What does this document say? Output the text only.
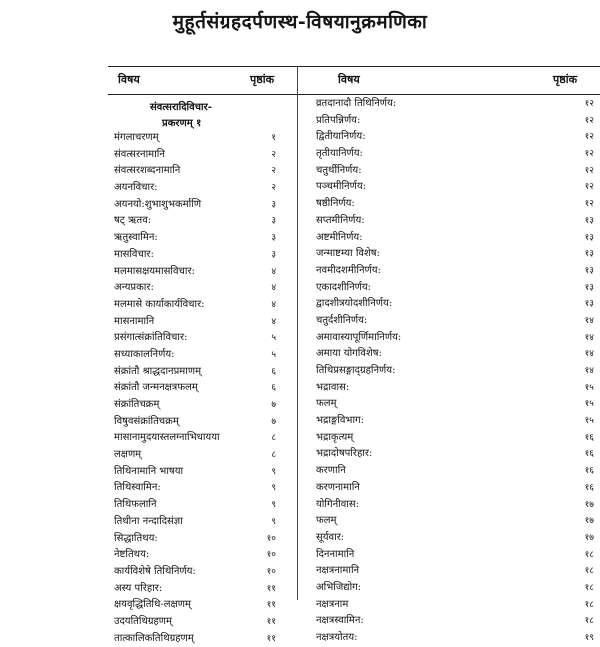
मुहूर्तसंग्रहदर्पणस्थ-विषयानुक्रमणिका
विषय	पृष्ठांक	विषय	पृष्ठांक
संवत्सरादिविचार-
प्रकरणम् १
मंगलाचरणम्	१
संवत्सरनामानि	२
संवत्सरशब्दनामानि	२
अयनविचार:	२
अयनयो:शुभाशुभकर्माणि	३
षट् ऋतव:	३
ऋतुस्वामिन:	३
मासविचार:	३
मलमासक्षयमासविचार:	४
अन्यप्रकार:	४
मलमासे कार्याकार्यविचार:	४
मासनामानि	४
प्रसंगात्संक्रांतिविचार:	५
सध्याकालनिर्णय:	५
संक्रांतौ श्राद्धदानप्रमाणम्	६
संक्रांतौ जन्मनक्षत्रफलम्	६
संक्रांतिचक्रम्	७
विषुवसंक्रांतिचक्रम्	७
मासानामुदयास्तलग्नाभिधायया	८
लक्षणम्	८
तिथिनामानि भाषया	९
तिथिस्वामिन:	९
तिथिफलानि	९
तिथीना नन्दादिसंज्ञा	९
सिद्धातिथय:	१०
नेष्टतिथय:	१०
कार्यविशेषे तिथिनिर्णय:	१०
अस्य परिहार:	११
क्षयवृद्धितिथि-लक्षणम्	११
उदयतिथिग्रहणम्	११
तात्कालिकतिथिग्रहणम्	११
व्रतदानादौ तिथिनिर्णय:	१२
प्रतिपन्निर्णय:	१२
द्वितीयानिर्णय:	१२
तृतीयानिर्णय:	१२
चतुर्थीनिर्णय:	१२
पञ्चमीनिर्णय:	१२
षष्ठीनिर्णय:	१२
सप्तमीनिर्णय:	१३
अष्टमीनिर्णय:	१३
जन्माष्टम्या विशेष:	१३
नवमीदशमीनिर्णय:	१३
एकादशीनिर्णय:	१३
द्वादशीत्रयोदशीनिर्णय:	१३
चतुर्दशीनिर्णय:	१४
अमावास्यापूर्णिमानिर्णय:	१४
अमाया योगविशेष:	१४
तिथिप्रसङ्गाद्ग्रहनिर्णय:	१४
भद्रावास:	१५
फलम्	१५
भद्राङ्गविभाग:	१५
भद्राकृत्यम्	१६
भद्रादोषपरिहार:	१६
करणानि	१६
करणनामानि	१६
योगिनीवास:	१७
फलम्	१७
सूर्यवार:	१७
दिननामानि	१८
नक्षत्रनामानि	१८
अभिजिद्योग:	१८
नक्षत्रनाम	१८
नक्षत्रस्वामिन:	१८
नक्षत्रयोतय:	१९
